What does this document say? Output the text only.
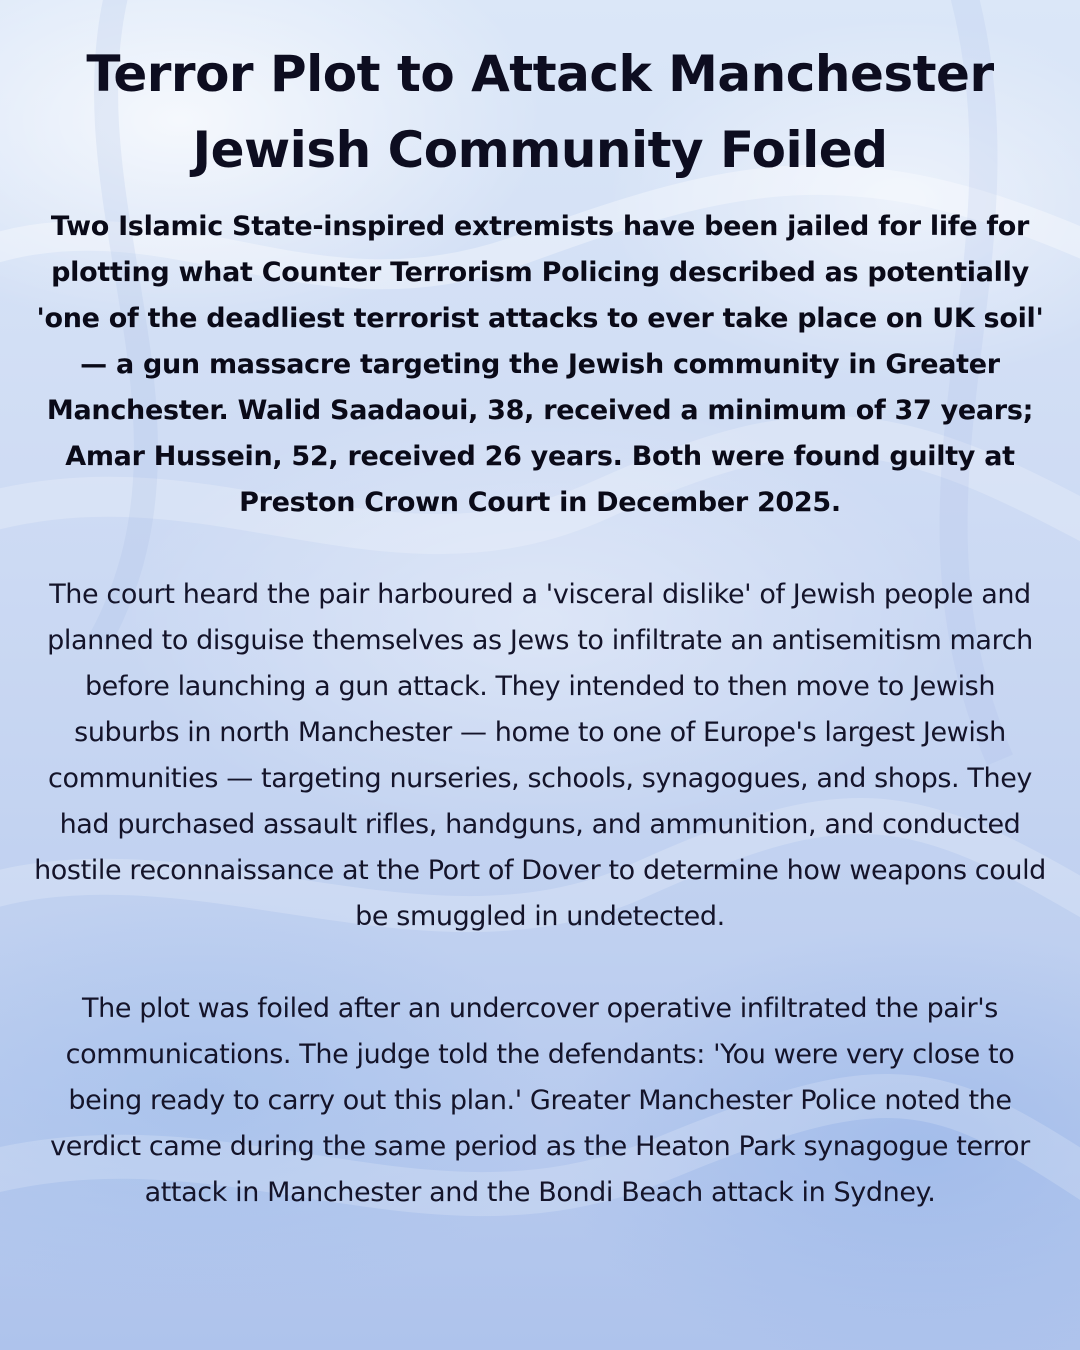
Terror Plot to Attack Manchester Jewish Community Foiled

Two Islamic State-inspired extremists have been jailed for life for plotting what Counter Terrorism Policing described as potentially 'one of the deadliest terrorist attacks to ever take place on UK soil' — a gun massacre targeting the Jewish community in Greater Manchester. Walid Saadaoui, 38, received a minimum of 37 years; Amar Hussein, 52, received 26 years. Both were found guilty at Preston Crown Court in December 2025.

The court heard the pair harboured a 'visceral dislike' of Jewish people and planned to disguise themselves as Jews to infiltrate an antisemitism march before launching a gun attack. They intended to then move to Jewish suburbs in north Manchester — home to one of Europe's largest Jewish communities — targeting nurseries, schools, synagogues, and shops. They had purchased assault rifles, handguns, and ammunition, and conducted hostile reconnaissance at the Port of Dover to determine how weapons could be smuggled in undetected.

The plot was foiled after an undercover operative infiltrated the pair's communications. The judge told the defendants: 'You were very close to being ready to carry out this plan.' Greater Manchester Police noted the verdict came during the same period as the Heaton Park synagogue terror attack in Manchester and the Bondi Beach attack in Sydney.
